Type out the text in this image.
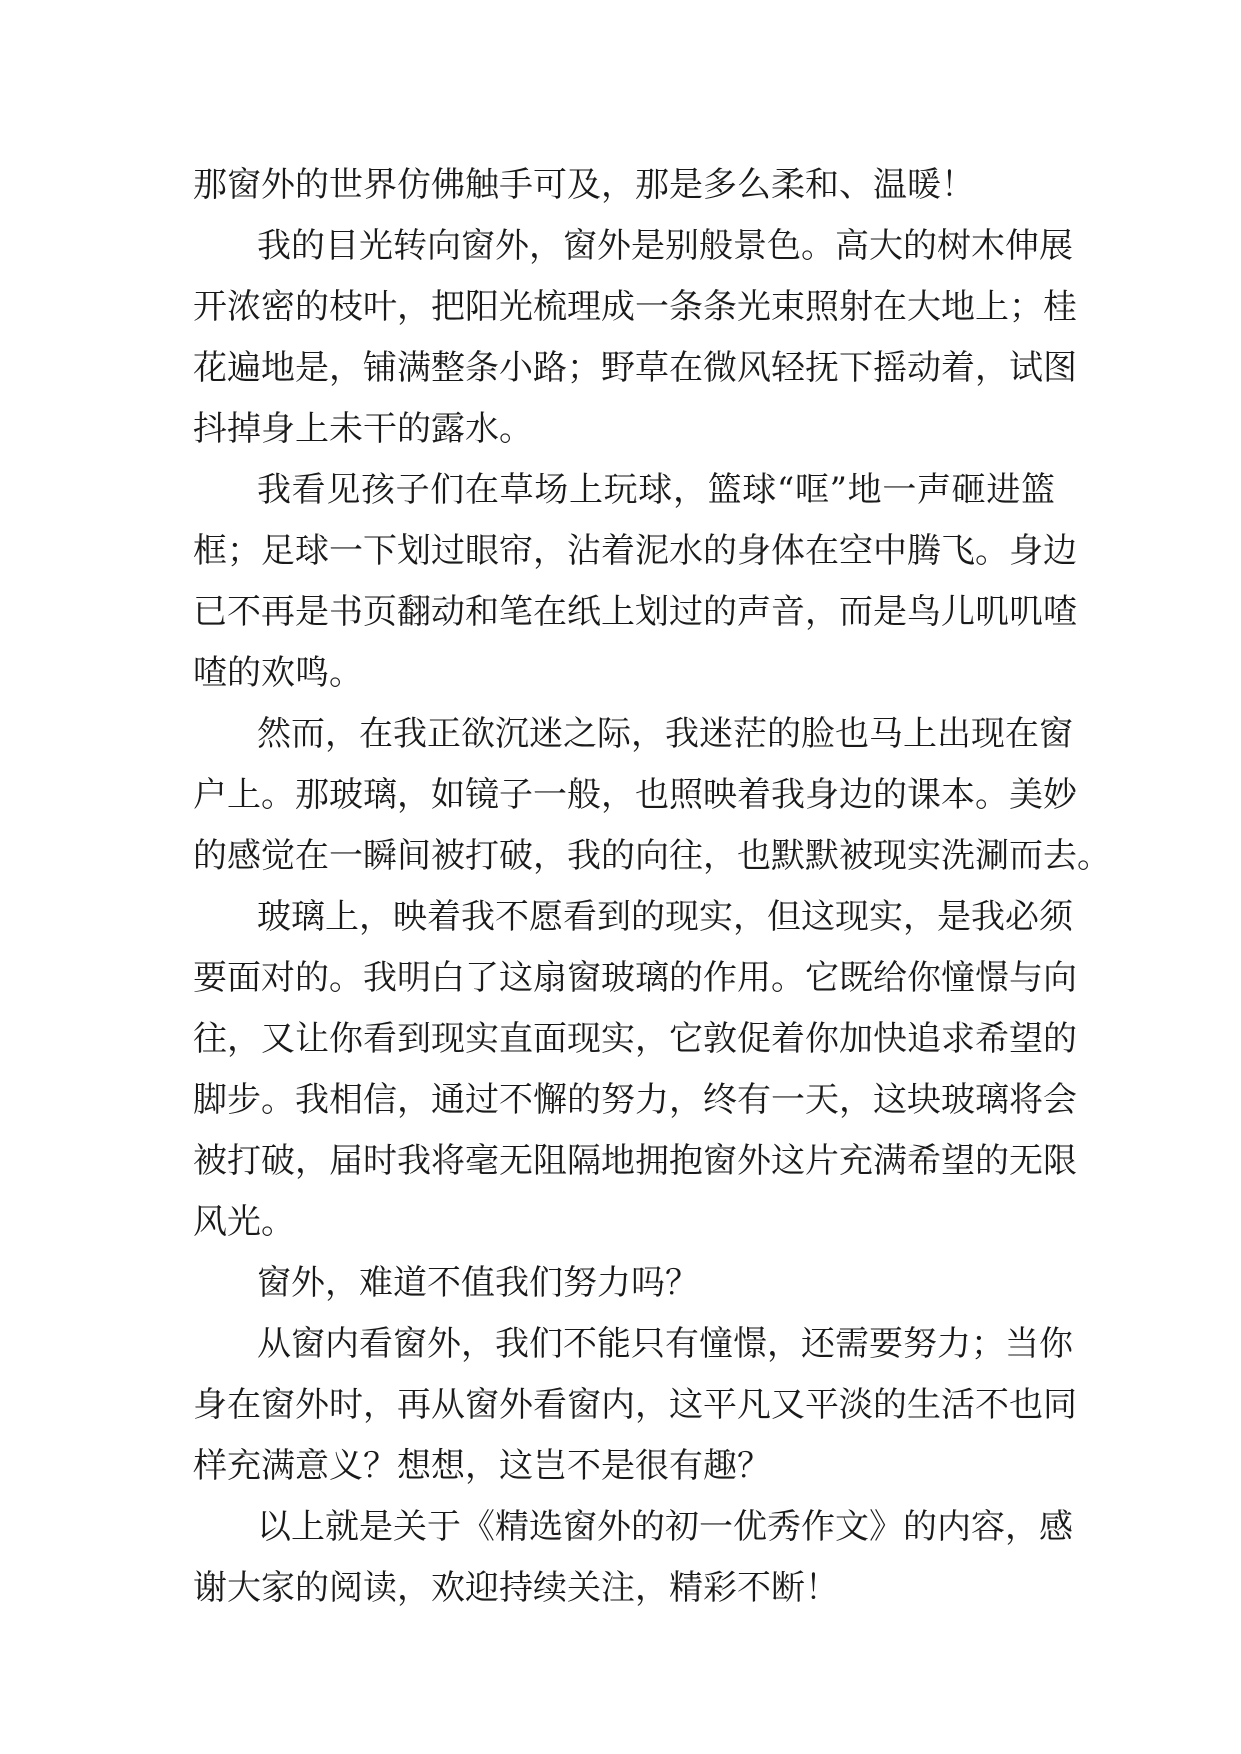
那窗外的世界仿佛触手可及，那是多么柔和、温暖！
我的目光转向窗外，窗外是别般景色。高大的树木伸展
开浓密的枝叶，把阳光梳理成一条条光束照射在大地上；桂
花遍地是，铺满整条小路；野草在微风轻抚下摇动着，试图
抖掉身上未干的露水。
我看见孩子们在草场上玩球，篮球“哐”地一声砸进篮
框；足球一下划过眼帘，沾着泥水的身体在空中腾飞。身边
已不再是书页翻动和笔在纸上划过的声音，而是鸟儿叽叽喳
喳的欢鸣。
然而，在我正欲沉迷之际，我迷茫的脸也马上出现在窗
户上。那玻璃，如镜子一般，也照映着我身边的课本。美妙
的感觉在一瞬间被打破，我的向往，也默默被现实洗涮而去。
玻璃上，映着我不愿看到的现实，但这现实，是我必须
要面对的。我明白了这扇窗玻璃的作用。它既给你憧憬与向
往，又让你看到现实直面现实，它敦促着你加快追求希望的
脚步。我相信，通过不懈的努力，终有一天，这块玻璃将会
被打破，届时我将毫无阻隔地拥抱窗外这片充满希望的无限
风光。
窗外，难道不值我们努力吗？
从窗内看窗外，我们不能只有憧憬，还需要努力；当你
身在窗外时，再从窗外看窗内，这平凡又平淡的生活不也同
样充满意义？想想，这岂不是很有趣？
以上就是关于《精选窗外的初一优秀作文》的内容，感
谢大家的阅读，欢迎持续关注，精彩不断！
